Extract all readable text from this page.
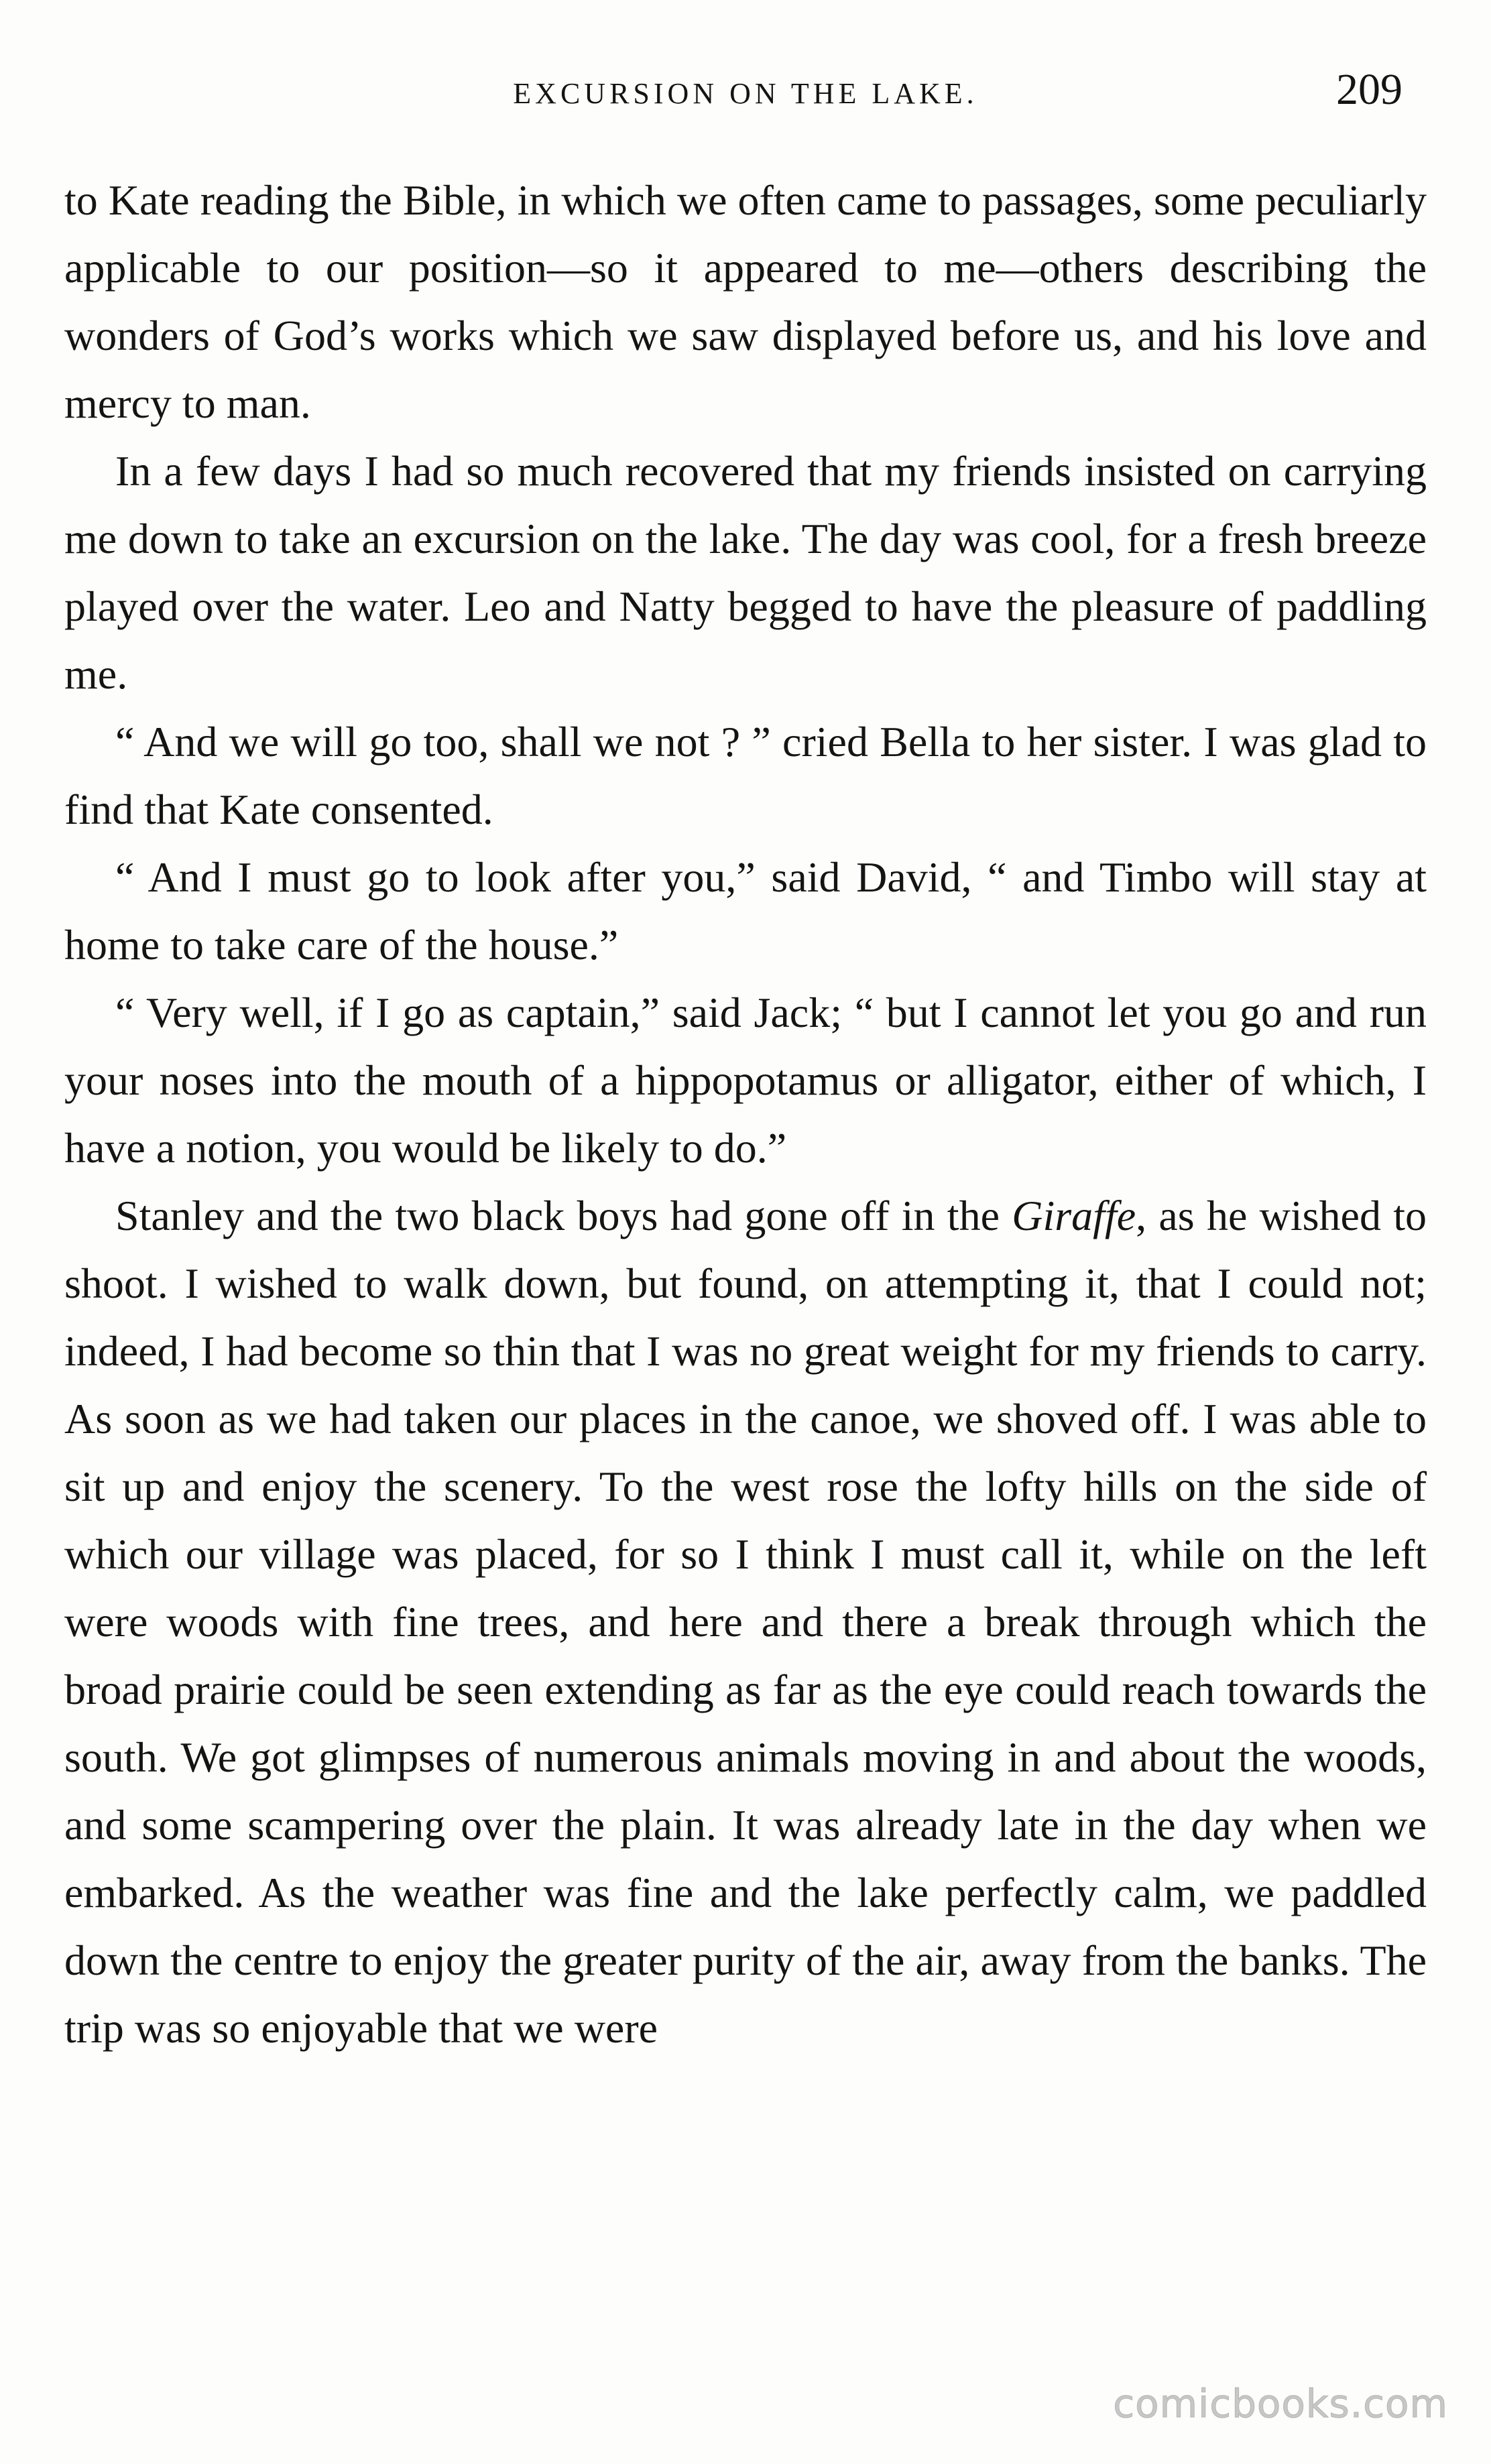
EXCURSION ON THE LAKE.	209

to Kate reading the Bible, in which we often came to passages, some peculiarly applicable to our position—so it appeared to me—others describing the wonders of God’s works which we saw displayed before us, and his love and mercy to man.

In a few days I had so much recovered that my friends insisted on carrying me down to take an excursion on the lake. The day was cool, for a fresh breeze played over the water. Leo and Natty begged to have the pleasure of paddling me.

“ And we will go too, shall we not ? ” cried Bella to her sister. I was glad to find that Kate consented.

“ And I must go to look after you,” said David, “ and Timbo will stay at home to take care of the house.”

“ Very well, if I go as captain,” said Jack; “ but I cannot let you go and run your noses into the mouth of a hippopotamus or alligator, either of which, I have a notion, you would be likely to do.”

Stanley and the two black boys had gone off in the Giraffe, as he wished to shoot. I wished to walk down, but found, on attempting it, that I could not; indeed, I had become so thin that I was no great weight for my friends to carry. As soon as we had taken our places in the canoe, we shoved off. I was able to sit up and enjoy the scenery. To the west rose the lofty hills on the side of which our village was placed, for so I think I must call it, while on the left were woods with fine trees, and here and there a break through which the broad prairie could be seen extending as far as the eye could reach towards the south. We got glimpses of numerous animals moving in and about the woods, and some scampering over the plain. It was already late in the day when we embarked. As the weather was fine and the lake perfectly calm, we paddled down the centre to enjoy the greater purity of the air, away from the banks. The trip was so enjoyable that we were

comicbooks.com
